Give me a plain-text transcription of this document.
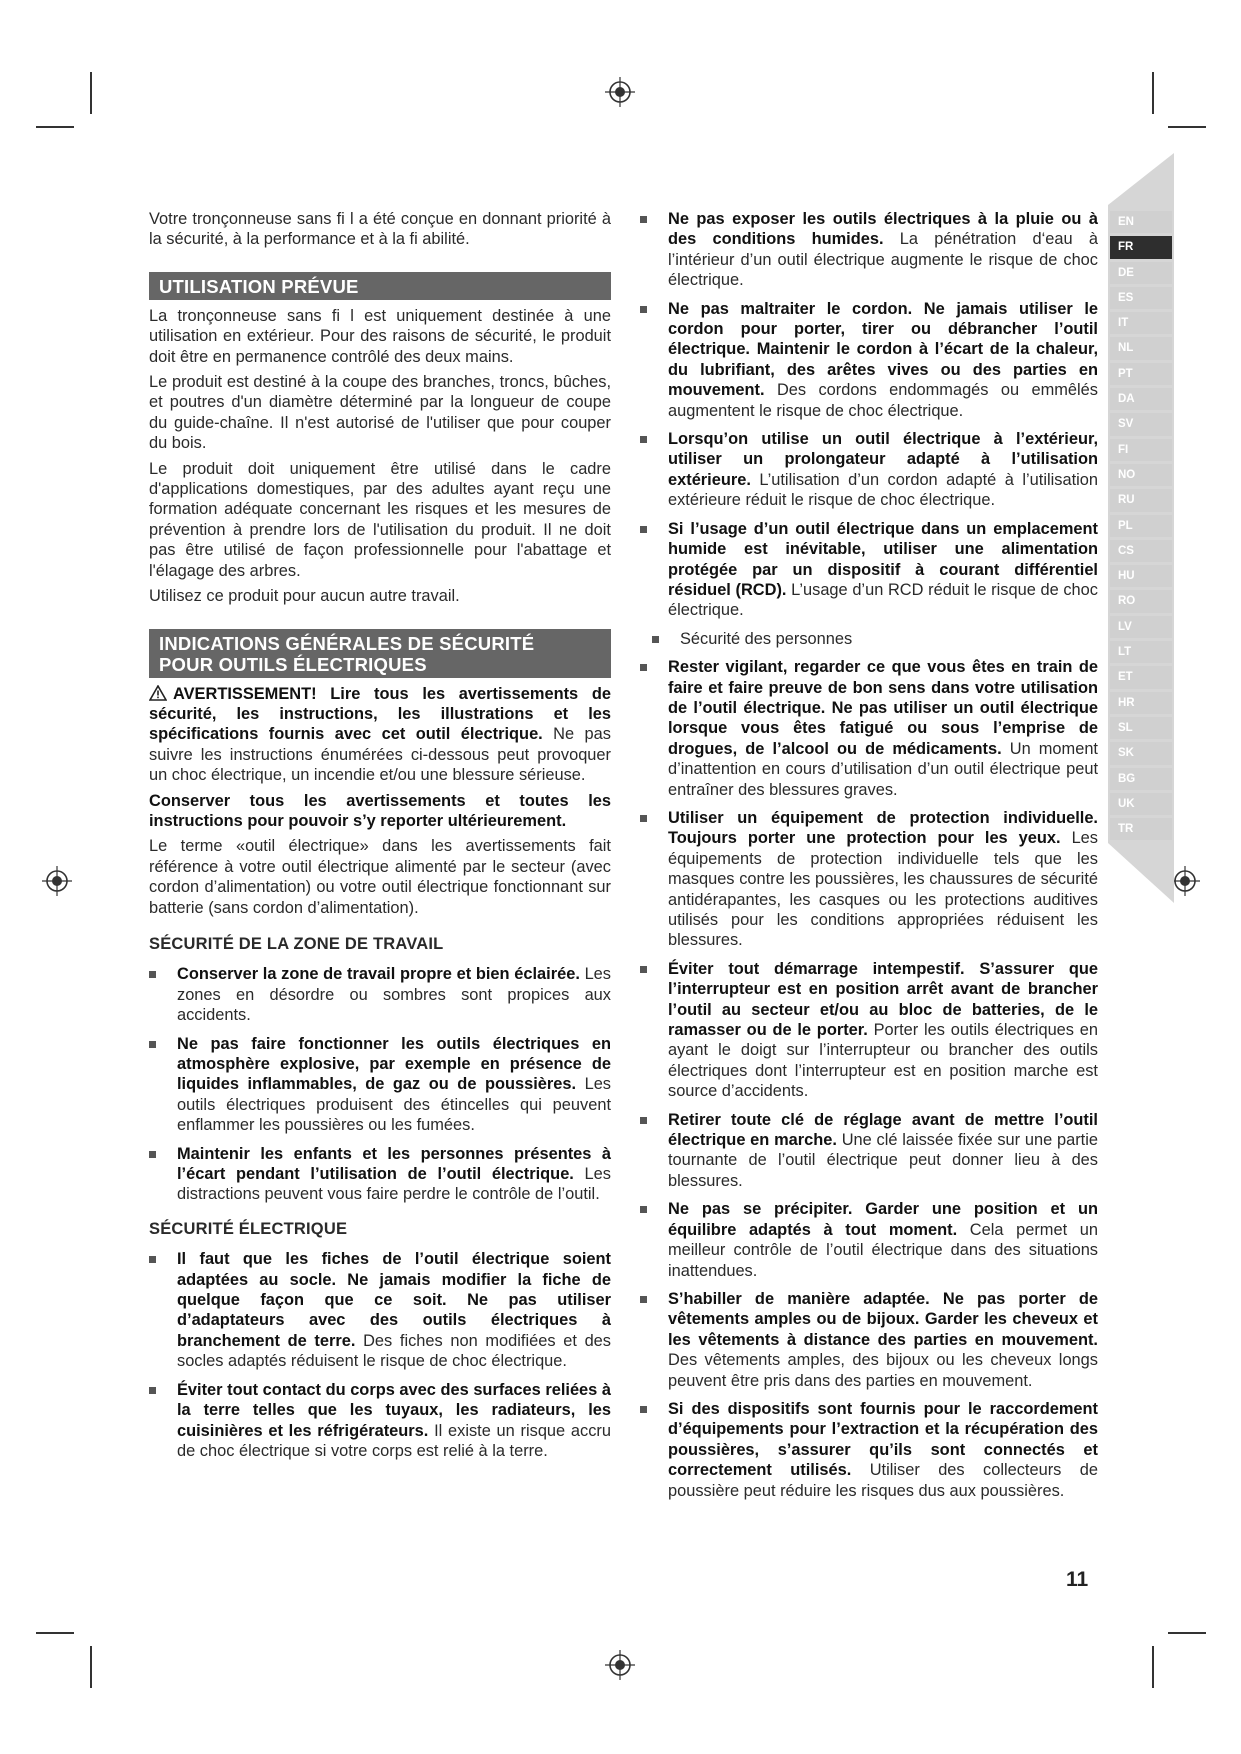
EN
FR
DE
ES
IT
NL
PT
DA
SV
FI
NO
RU
PL
CS
HU
RO
LV
LT
ET
HR
SL
SK
BG
UK
TR

Votre tronçonneuse sans fi l a été conçue en donnant priorité à la sécurité, à la performance et à la fi abilité.

UTILISATION PRÉVUE

La tronçonneuse sans fi l est uniquement destinée à une utilisation en extérieur. Pour des raisons de sécurité, le produit doit être en permanence contrôlé des deux mains.

Le produit est destiné à la coupe des branches, troncs, bûches, et poutres d'un diamètre déterminé par la longueur de coupe du guide-chaîne. Il n'est autorisé de l'utiliser que pour couper du bois.

Le produit doit uniquement être utilisé dans le cadre d'applications domestiques, par des adultes ayant reçu une formation adéquate concernant les risques et les mesures de prévention à prendre lors de l'utilisation du produit. Il ne doit pas être utilisé de façon professionnelle pour l'abattage et l'élagage des arbres.

Utilisez ce produit pour aucun autre travail.

INDICATIONS GÉNÉRALES DE SÉCURITÉ
POUR OUTILS ÉLECTRIQUES

AVERTISSEMENT! Lire tous les avertissements de sécurité, les instructions, les illustrations et les spécifications fournis avec cet outil électrique. Ne pas suivre les instructions énumérées ci-dessous peut provoquer un choc électrique, un incendie et/ou une blessure sérieuse.

Conserver tous les avertissements et toutes les instructions pour pouvoir s’y reporter ultérieurement.

Le terme «outil électrique» dans les avertissements fait référence à votre outil électrique alimenté par le secteur (avec cordon d’alimentation) ou votre outil électrique fonctionnant sur batterie (sans cordon d’alimentation).

SÉCURITÉ DE LA ZONE DE TRAVAIL
Conserver la zone de travail propre et bien éclairée. Les zones en désordre ou sombres sont propices aux accidents.
Ne pas faire fonctionner les outils électriques en atmosphère explosive, par exemple en présence de liquides inflammables, de gaz ou de poussières. Les outils électriques produisent des étincelles qui peuvent enflammer les poussières ou les fumées.
Maintenir les enfants et les personnes présentes à l’écart pendant l’utilisation de l’outil électrique. Les distractions peuvent vous faire perdre le contrôle de l’outil.
SÉCURITÉ ÉLECTRIQUE
Il faut que les fiches de l’outil électrique soient adaptées au socle. Ne jamais modifier la fiche de quelque façon que ce soit. Ne pas utiliser d’adaptateurs avec des outils électriques à branchement de terre. Des fiches non modifiées et des socles adaptés réduisent le risque de choc électrique.
Éviter tout contact du corps avec des surfaces reliées à la terre telles que les tuyaux, les radiateurs, les cuisinières et les réfrigérateurs. Il existe un risque accru de choc électrique si votre corps est relié à la terre.
Ne pas exposer les outils électriques à la pluie ou à des conditions humides. La pénétration d‘eau à l’intérieur d’un outil électrique augmente le risque de choc électrique.
Ne pas maltraiter le cordon. Ne jamais utiliser le cordon pour porter, tirer ou débrancher l’outil électrique. Maintenir le cordon à l’écart de la chaleur, du lubrifiant, des arêtes vives ou des parties en mouvement. Des cordons endommagés ou emmêlés augmentent le risque de choc électrique.
Lorsqu’on utilise un outil électrique à l’extérieur, utiliser un prolongateur adapté à l’utilisation extérieure. L’utilisation d’un cordon adapté à l’utilisation extérieure réduit le risque de choc électrique.
Si l’usage d’un outil électrique dans un emplacement humide est inévitable, utiliser une alimentation protégée par un dispositif à courant différentiel résiduel (RCD). L’usage d’un RCD réduit le risque de choc électrique.
Sécurité des personnes
Rester vigilant, regarder ce que vous êtes en train de faire et faire preuve de bon sens dans votre utilisation de l’outil électrique. Ne pas utiliser un outil électrique lorsque vous êtes fatigué ou sous l’emprise de drogues, de l’alcool ou de médicaments. Un moment d’inattention en cours d’utilisation d’un outil électrique peut entraîner des blessures graves.
Utiliser un équipement de protection individuelle. Toujours porter une protection pour les yeux. Les équipements de protection individuelle tels que les masques contre les poussières, les chaussures de sécurité antidérapantes, les casques ou les protections auditives utilisés pour les conditions appropriées réduisent les blessures.
Éviter tout démarrage intempestif. S’assurer que l’interrupteur est en position arrêt avant de brancher l’outil au secteur et/ou au bloc de batteries, de le ramasser ou de le porter. Porter les outils électriques en ayant le doigt sur l’interrupteur ou brancher des outils électriques dont l’interrupteur est en position marche est source d’accidents.
Retirer toute clé de réglage avant de mettre l’outil électrique en marche. Une clé laissée fixée sur une partie tournante de l’outil électrique peut donner lieu à des blessures.
Ne pas se précipiter. Garder une position et un équilibre adaptés à tout moment. Cela permet un meilleur contrôle de l’outil électrique dans des situations inattendues.
S’habiller de manière adaptée. Ne pas porter de vêtements amples ou de bijoux. Garder les cheveux et les vêtements à distance des parties en mouvement. Des vêtements amples, des bijoux ou les cheveux longs peuvent être pris dans des parties en mouvement.
Si des dispositifs sont fournis pour le raccordement d’équipements pour l’extraction et la récupération des poussières, s’assurer qu’ils sont connectés et correctement utilisés. Utiliser des collecteurs de poussière peut réduire les risques dus aux poussières.
11
